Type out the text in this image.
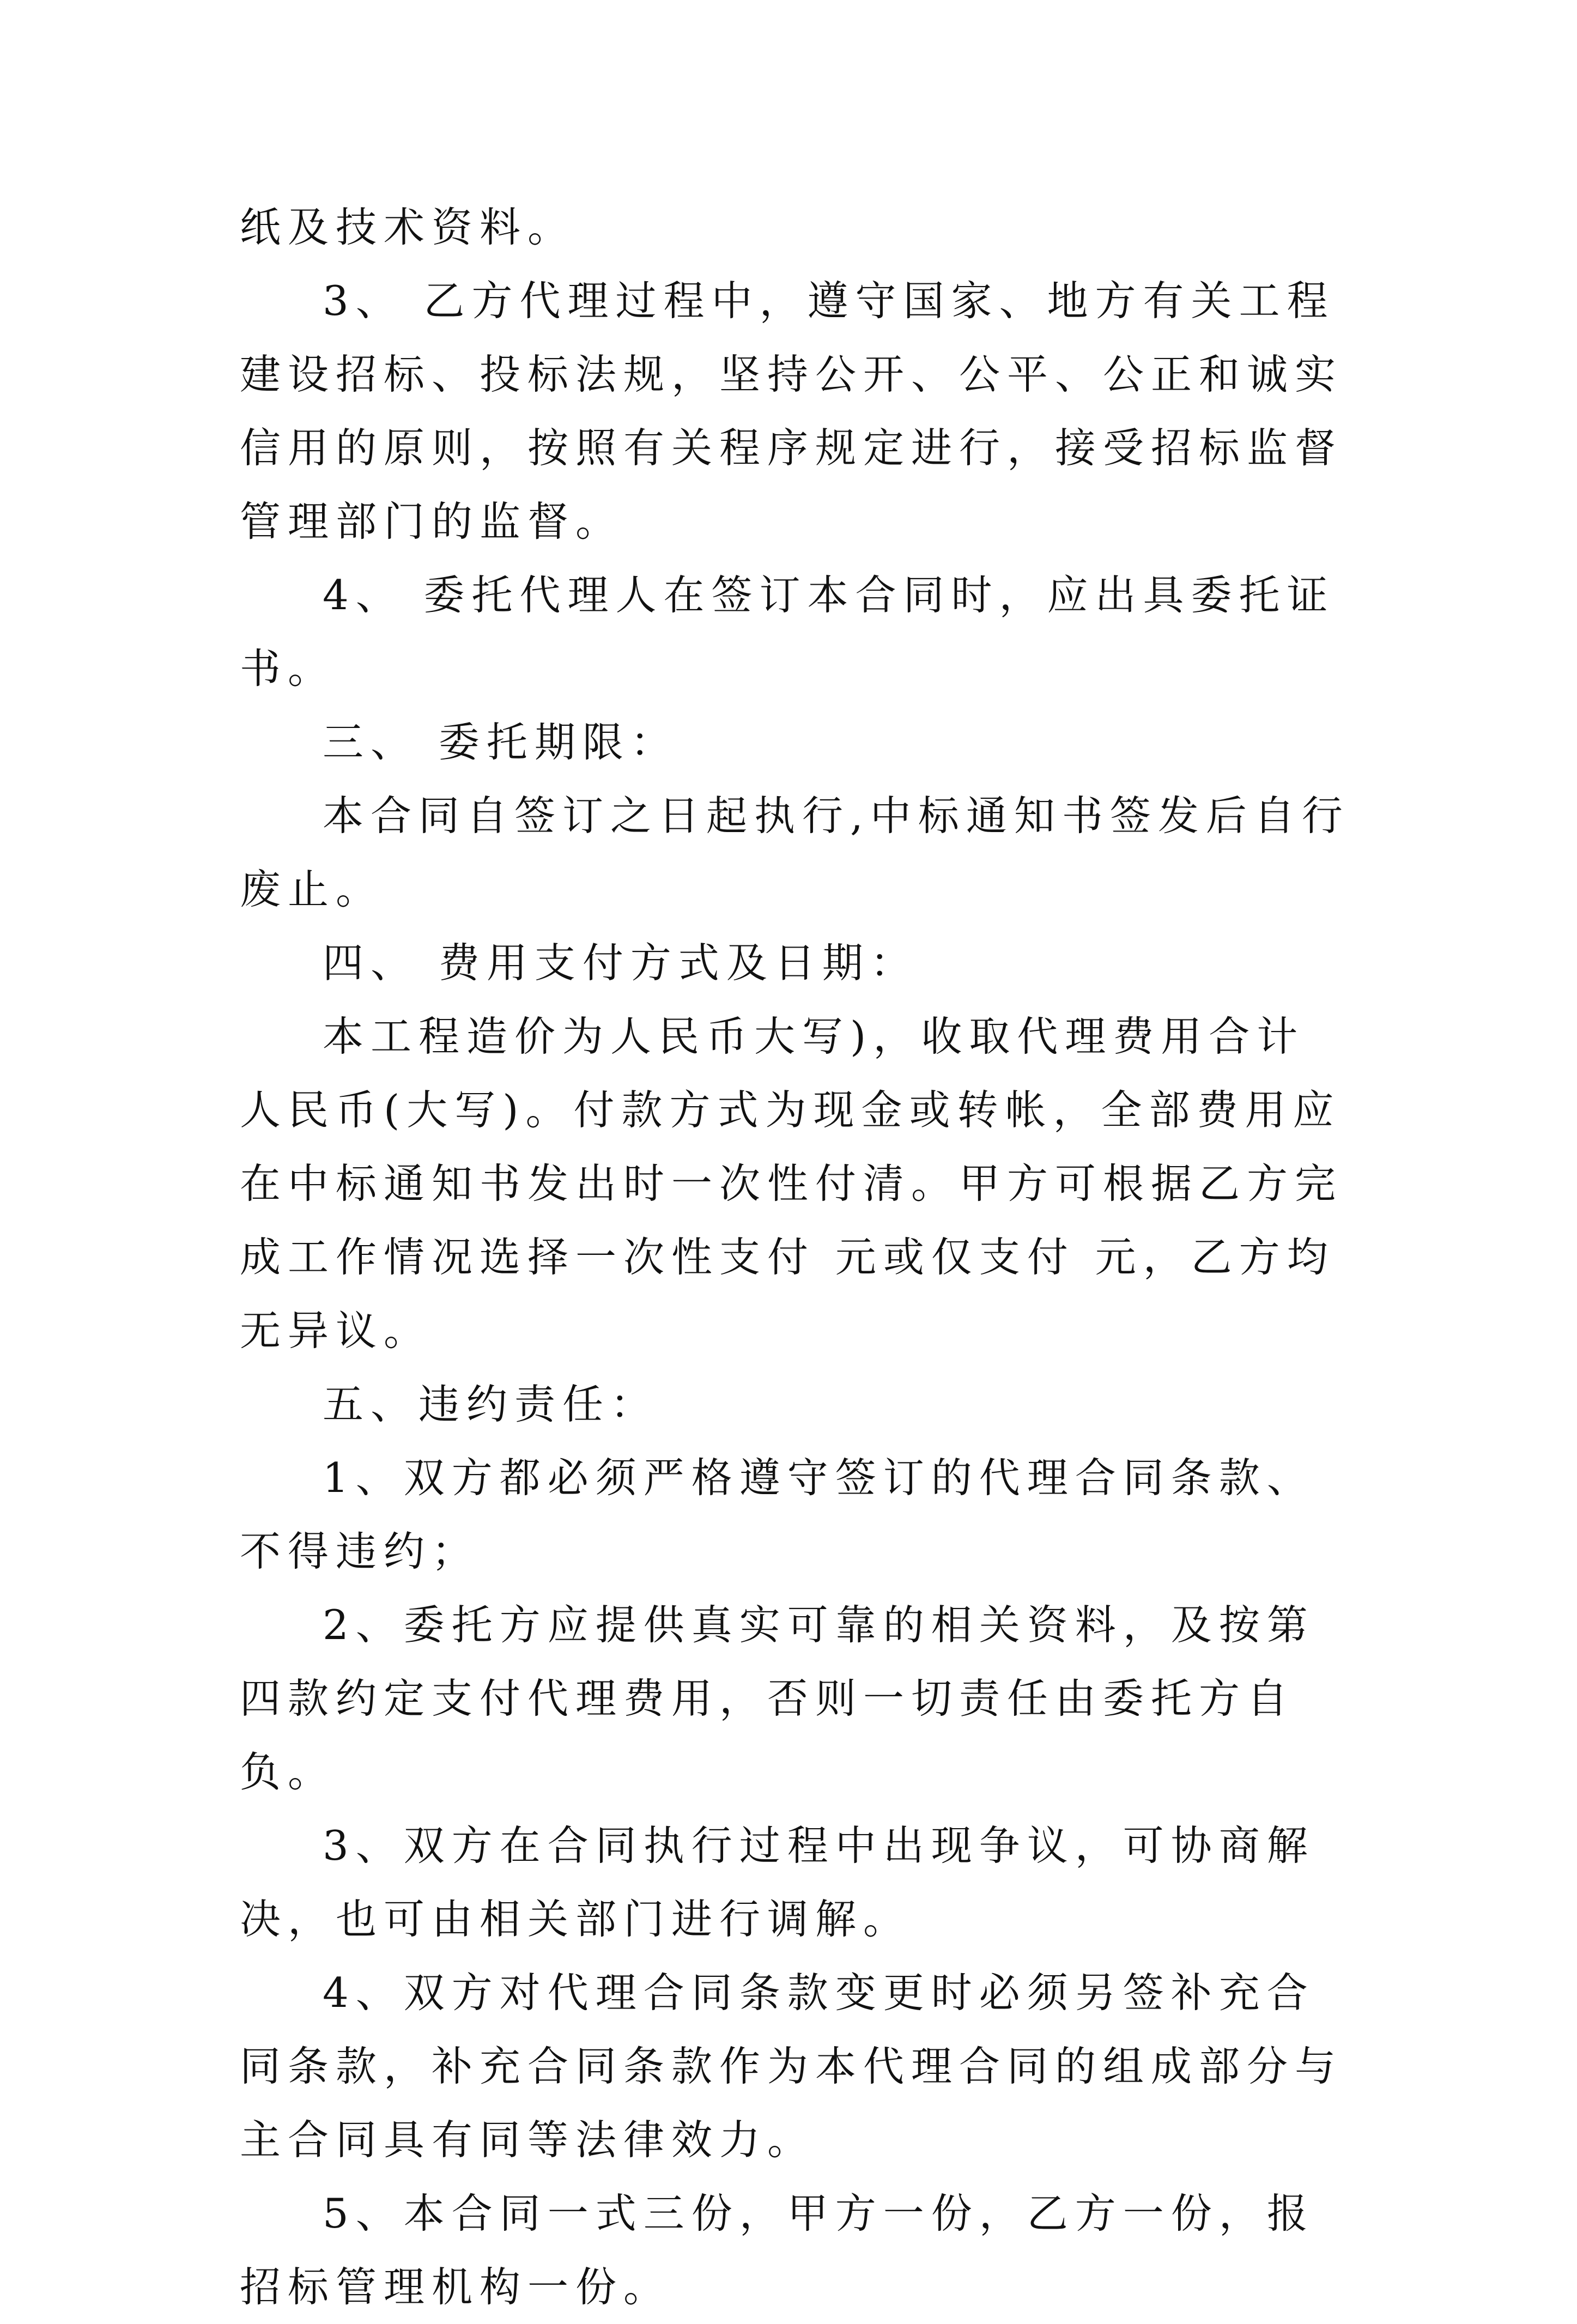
纸及技术资料。

3、 乙方代理过程中，遵守国家、地方有关工程建设招标、投标法规，坚持公开、公平、公正和诚实信用的原则，按照有关程序规定进行，接受招标监督管理部门的监督。

4、 委托代理人在签订本合同时，应出具委托证书。

三、 委托期限：

本合同自签订之日起执行,中标通知书签发后自行废止。

四、 费用支付方式及日期：

本工程造价为人民币大写)，收取代理费用合计人民币(大写)。付款方式为现金或转帐，全部费用应在中标通知书发出时一次性付清。甲方可根据乙方完成工作情况选择一次性支付 元或仅支付 元，乙方均无异议。

五、违约责任：

1、双方都必须严格遵守签订的代理合同条款、不得违约；

2、委托方应提供真实可靠的相关资料，及按第四款约定支付代理费用，否则一切责任由委托方自负。

3、双方在合同执行过程中出现争议，可协商解决，也可由相关部门进行调解。

4、双方对代理合同条款变更时必须另签补充合同条款，补充合同条款作为本代理合同的组成部分与主合同具有同等法律效力。

5、本合同一式三份，甲方一份，乙方一份，报招标管理机构一份。
